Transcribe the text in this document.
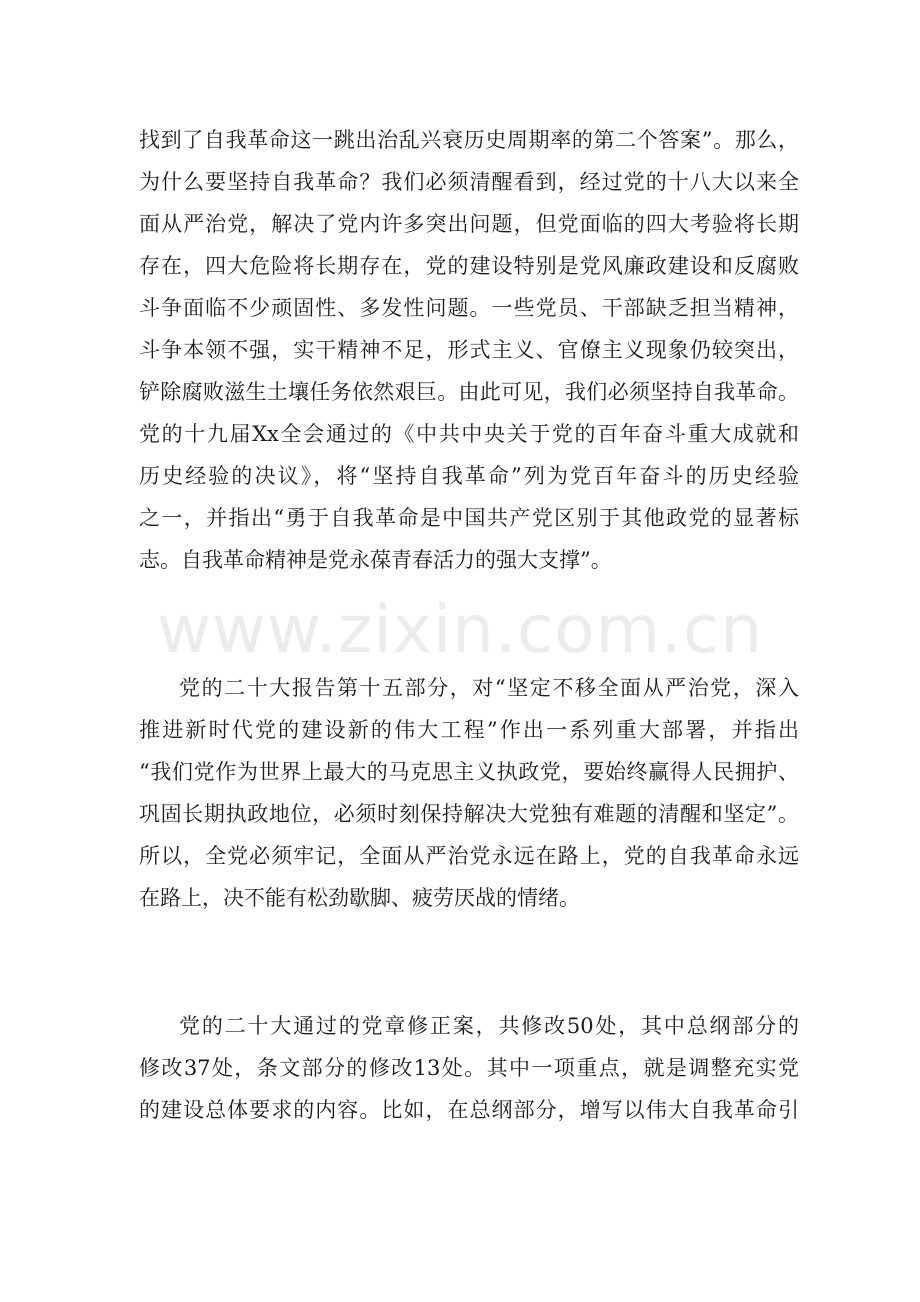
www.zixin.com.cn
找到了自我革命这一跳出治乱兴衰历史周期率的第二个答案”。那么，
为什么要坚持自我革命？我们必须清醒看到，经过党的十八大以来全
面从严治党，解决了党内许多突出问题，但党面临的四大考验将长期
存在，四大危险将长期存在，党的建设特别是党风廉政建设和反腐败
斗争面临不少顽固性、多发性问题。一些党员、干部缺乏担当精神，
斗争本领不强，实干精神不足，形式主义、官僚主义现象仍较突出，
铲除腐败滋生土壤任务依然艰巨。由此可见，我们必须坚持自我革命。
党的十九届Xx全会通过的《中共中央关于党的百年奋斗重大成就和
历史经验的决议》，将“坚持自我革命”列为党百年奋斗的历史经验
之一，并指出“勇于自我革命是中国共产党区别于其他政党的显著标
志。自我革命精神是党永葆青春活力的强大支撑”。
党的二十大报告第十五部分，对“坚定不移全面从严治党，深入
推进新时代党的建设新的伟大工程”作出一系列重大部署，并指出
“我们党作为世界上最大的马克思主义执政党，要始终赢得人民拥护、
巩固长期执政地位，必须时刻保持解决大党独有难题的清醒和坚定”。
所以，全党必须牢记，全面从严治党永远在路上，党的自我革命永远
在路上，决不能有松劲歇脚、疲劳厌战的情绪。
党的二十大通过的党章修正案，共修改50处，其中总纲部分的
修改37处，条文部分的修改13处。其中一项重点，就是调整充实党
的建设总体要求的内容。比如，在总纲部分，增写以伟大自我革命引
